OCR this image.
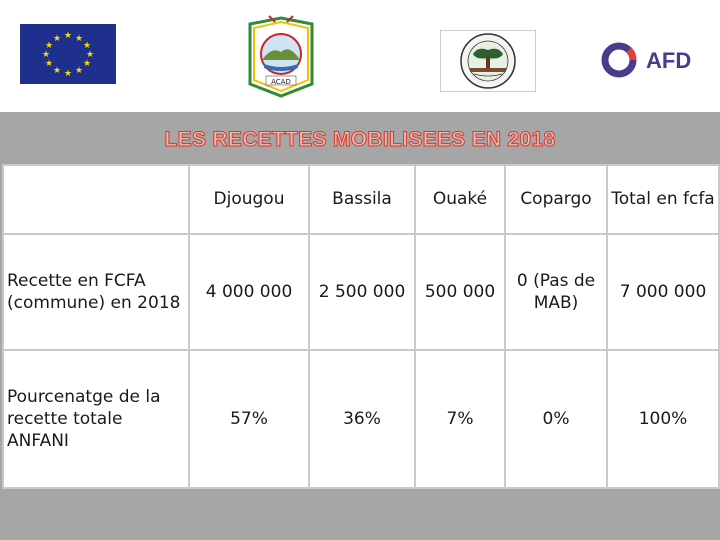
★ ★
★
★
★
★
★
★
★
★
★
★
ACAD
AFD
LES RECETTES MOBILISEES EN 2018
	Djougou	Bassila	Ouaké	Copargo	Total en fcfa
Recette en FCFA (commune) en 2018	4 000 000	2 500 000	500 000	0 (Pas de MAB)	7 000 000
Pourcenatge de la recette totale ANFANI	57%	36%	7%	0%	100%
